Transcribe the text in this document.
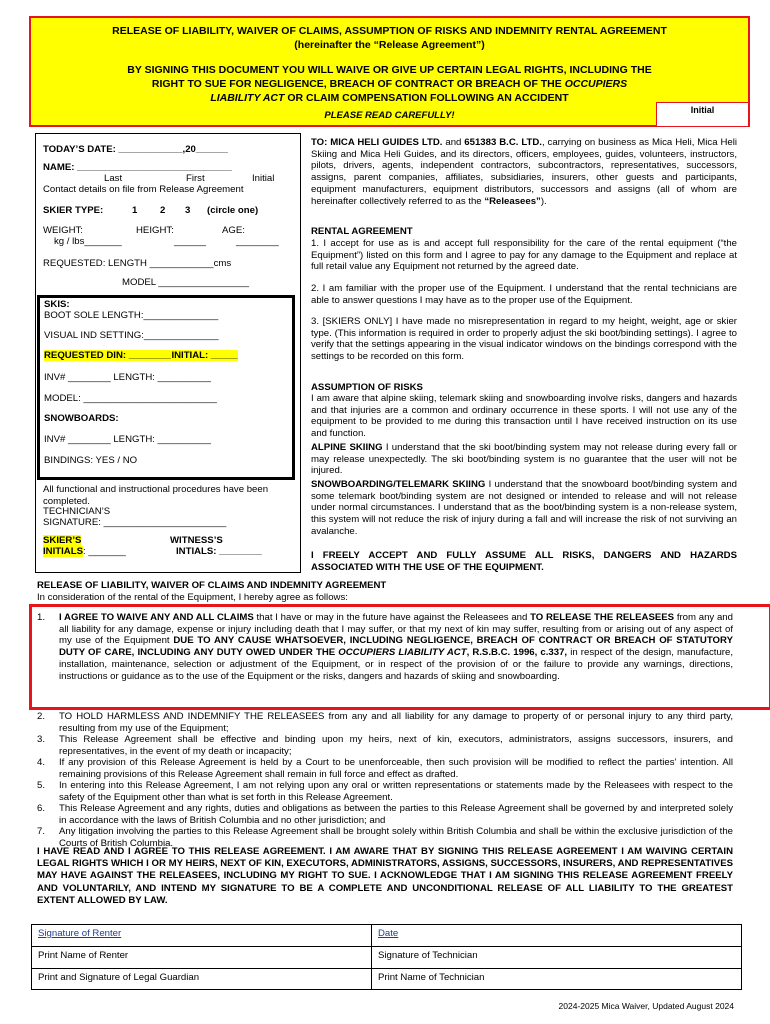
RELEASE OF LIABILITY, WAIVER OF CLAIMS, ASSUMPTION OF RISKS AND INDEMNITY RENTAL AGREEMENT
(hereinafter the “Release Agreement”)
BY SIGNING THIS DOCUMENT YOU WILL WAIVE OR GIVE UP CERTAIN LEGAL RIGHTS, INCLUDING THE
RIGHT TO SUE FOR NEGLIGENCE, BREACH OF CONTRACT OR BREACH OF THE OCCUPIERS
LIABILITY ACT OR CLAIM COMPENSATION FOLLOWING AN ACCIDENT
PLEASE READ CAREFULLY!	Initial
TODAY’S DATE: ____________,20______
NAME: _____________________________
Last	First	Initial
Contact details on file from Release Agreement
SKIER TYPE:	1 2 3 (circle one)
WEIGHT:	HEIGHT:	AGE:
kg / lbs_______	______	________
REQUESTED: LENGTH ____________cms
MODEL _________________
All functional and instructional procedures have been completed.
TECHNICIAN’S
SIGNATURE: _______________________
SKIER’S
INITIALS: _______
WITNESS’S
INTIALS: ________
SKIS:
BOOT SOLE LENGTH:______________
VISUAL IND SETTING:______________
REQUESTED DIN: ________INITIAL: _____
INV# ________ LENGTH: __________
MODEL: _________________________
SNOWBOARDS:
INV# ________ LENGTH: __________
BINDINGS: YES / NO
TO: MICA HELI GUIDES LTD. and 651383 B.C. LTD., carrying on business as Mica Heli, Mica Heli Skiing and Mica Heli Guides, and its directors, officers, employees, guides, volunteers, instructors, pilots, drivers, agents, independent contractors, subcontractors, representatives, successors, assigns, parent companies, affiliates, subsidiaries, insurers, other guests and participants, equipment manufacturers, equipment distributors, successors and assigns (all of whom are hereinafter collectively referred to as the “Releasees”).
RENTAL AGREEMENT
1. I accept for use as is and accept full responsibility for the care of the rental equipment (“the Equipment”) listed on this form and I agree to pay for any damage to the Equipment and replace at full retail value any Equipment not returned by the agreed date.
2. I am familiar with the proper use of the Equipment. I understand that the rental technicians are able to answer questions I may have as to the proper use of the Equipment.
3. [SKIERS ONLY] I have made no misrepresentation in regard to my height, weight, age or skier type. (This information is required in order to properly adjust the ski boot/binding settings). I agree to verify that the settings appearing in the visual indicator windows on the bindings correspond with the settings to be recorded on this form.
ASSUMPTION OF RISKS
I am aware that alpine skiing, telemark skiing and snowboarding involve risks, dangers and hazards and that injuries are a common and ordinary occurrence in these sports. I will not use any of the equipment to be provided to me during this transaction until I have received instruction on its use and function.
ALPINE SKIING I understand that the ski boot/binding system may not release during every fall or may release unexpectedly. The ski boot/binding system is no guarantee that the user will not be injured.
SNOWBOARDING/TELEMARK SKIING I understand that the snowboard boot/binding system and some telemark boot/binding system are not designed or intended to release and will not release under normal circumstances. I understand that as the boot/binding system is a non-release system, this system will not reduce the risk of injury during a fall and will increase the risk of not surviving an avalanche.
I FREELY ACCEPT AND FULLY ASSUME ALL RISKS, DANGERS AND HAZARDS ASSOCIATED WITH THE USE OF THE EQUIPMENT.
RELEASE OF LIABILITY, WAIVER OF CLAIMS AND INDEMNITY AGREEMENT
In consideration of the rental of the Equipment, I hereby agree as follows:
1. I AGREE TO WAIVE ANY AND ALL CLAIMS that I have or may in the future have against the Releasees and TO RELEASE THE RELEASEES from any and all liability for any damage, expense or injury including death that I may suffer, or that my next of kin may suffer, resulting from or arising out of any aspect of my use of the Equipment DUE TO ANY CAUSE WHATSOEVER, INCLUDING NEGLIGENCE, BREACH OF CONTRACT OR BREACH OF STATUTORY DUTY OF CARE, INCLUDING ANY DUTY OWED UNDER THE OCCUPIERS LIABILITY ACT, R.S.B.C. 1996, c.337, in respect of the design, manufacture, installation, maintenance, selection or adjustment of the Equipment, or in respect of the provision of or the failure to provide any warnings, directions, instructions or guidance as to the use of the Equipment or the risks, dangers and hazards of skiing and snowboarding.
2. TO HOLD HARMLESS AND INDEMNIFY THE RELEASEES from any and all liability for any damage to property of or personal injury to any third party, resulting from my use of the Equipment;
3. This Release Agreement shall be effective and binding upon my heirs, next of kin, executors, administrators, assigns successors, insurers, and representatives, in the event of my death or incapacity;
4. If any provision of this Release Agreement is held by a Court to be unenforceable, then such provision will be modified to reflect the parties’ intention. All remaining provisions of this Release Agreement shall remain in full force and effect as drafted.
5. In entering into this Release Agreement, I am not relying upon any oral or written representations or statements made by the Releasees with respect to the safety of the Equipment other than what is set forth in this Release Agreement.
6. This Release Agreement and any rights, duties and obligations as between the parties to this Release Agreement shall be governed by and interpreted solely in accordance with the laws of British Columbia and no other jurisdiction; and
7. Any litigation involving the parties to this Release Agreement shall be brought solely within British Columbia and shall be within the exclusive jurisdiction of the Courts of British Columbia.
I HAVE READ AND I AGREE TO THIS RELEASE AGREEMENT. I AM AWARE THAT BY SIGNING THIS RELEASE AGREEMENT I AM WAIVING CERTAIN LEGAL RIGHTS WHICH I OR MY HEIRS, NEXT OF KIN, EXECUTORS, ADMINISTRATORS, ASSIGNS, SUCCESSORS, INSURERS, AND REPRESENTATIVES MAY HAVE AGAINST THE RELEASEES, INCLUDING MY RIGHT TO SUE. I ACKNOWLEDGE THAT I AM SIGNING THIS RELEASE AGREEMENT FREELY AND VOLUNTARILY, AND INTEND MY SIGNATURE TO BE A COMPLETE AND UNCONDITIONAL RELEASE OF ALL LIABILITY TO THE GREATEST EXTENT ALLOWED BY LAW.
Signature of Renter	Date
Print Name of Renter	Signature of Technician
Print and Signature of Legal Guardian	Print Name of Technician
2024-2025 Mica Waiver, Updated August 2024
